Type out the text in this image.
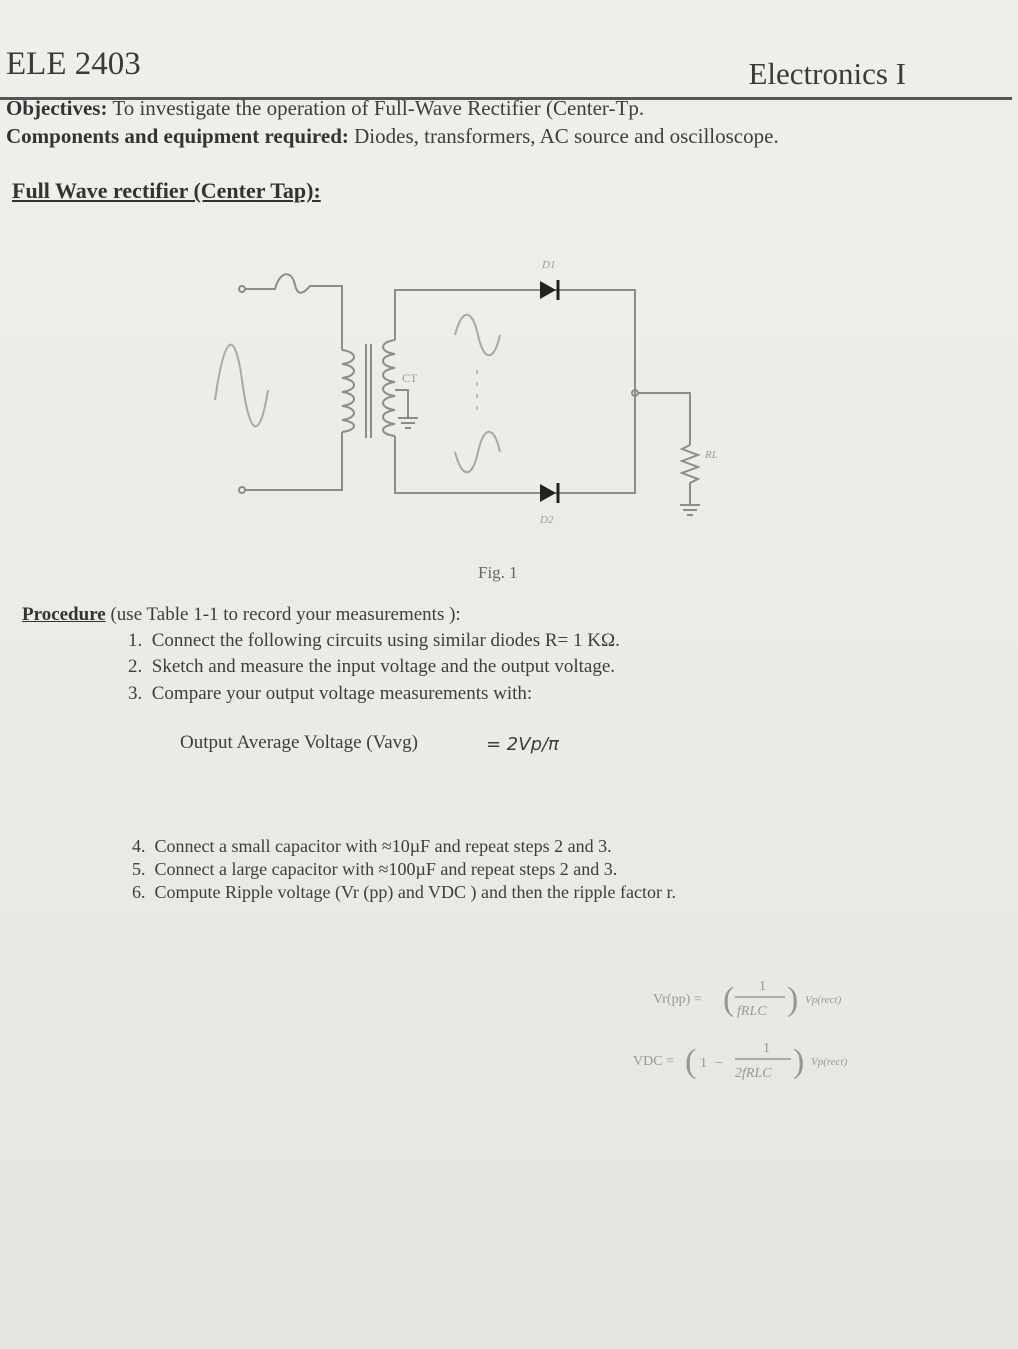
ELE 2403	Electronics I
Objectives: To investigate the operation of Full-Wave Rectifier (Center-Tp.
Components and equipment required: Diodes, transformers, AC source and oscilloscope.
Full Wave rectifier (Center Tap):
D1
D2
RL
CT
Fig. 1
Procedure (use Table 1-1 to record your measurements ):
1. Connect the following circuits using similar diodes R= 1 KΩ.
2. Sketch and measure the input voltage and the output voltage.
3. Compare your output voltage measurements with:
Output Average Voltage (Vavg)	= 2Vp/π
4. Connect a small capacitor with ≈10µF and repeat steps 2 and 3.
5. Connect a large capacitor with ≈100µF and repeat steps 2 and 3.
6. Compute Ripple voltage (Vr (pp) and VDC ) and then the ripple factor r.
Vr(pp) =
1
fRLC
( ) Vp(rect)
VDC = ( 1 −
1
2fRLC ) Vp(rect)
